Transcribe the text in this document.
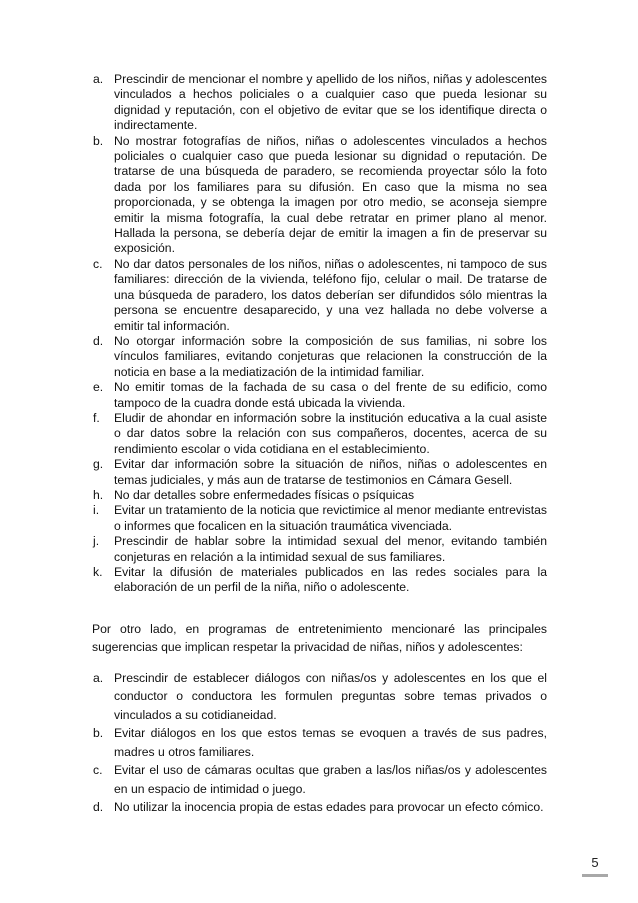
a. Prescindir de mencionar el nombre y apellido de los niños, niñas y adolescentes vinculados a hechos policiales o a cualquier caso que pueda lesionar su dignidad y reputación, con el objetivo de evitar que se los identifique directa o indirectamente.
b. No mostrar fotografías de niños, niñas o adolescentes vinculados a hechos policiales o cualquier caso que pueda lesionar su dignidad o reputación. De tratarse de una búsqueda de paradero, se recomienda proyectar sólo la foto dada por los familiares para su difusión. En caso que la misma no sea proporcionada, y se obtenga la imagen por otro medio, se aconseja siempre emitir la misma fotografía, la cual debe retratar en primer plano al menor. Hallada la persona, se debería dejar de emitir la imagen a fin de preservar su exposición.
c. No dar datos personales de los niños, niñas o adolescentes, ni tampoco de sus familiares: dirección de la vivienda, teléfono fijo, celular o mail. De tratarse de una búsqueda de paradero, los datos deberían ser difundidos sólo mientras la persona se encuentre desaparecido, y una vez hallada no debe volverse a emitir tal información.
d. No otorgar información sobre la composición de sus familias, ni sobre los vínculos familiares, evitando conjeturas que relacionen la construcción de la noticia en base a la mediatización de la intimidad familiar.
e. No emitir tomas de la fachada de su casa o del frente de su edificio, como tampoco de la cuadra donde está ubicada la vivienda.
f. Eludir de ahondar en información sobre la institución educativa a la cual asiste o dar datos sobre la relación con sus compañeros, docentes, acerca de su rendimiento escolar o vida cotidiana en el establecimiento.
g. Evitar dar información sobre la situación de niños, niñas o adolescentes en temas judiciales, y más aun de tratarse de testimonios en Cámara Gesell.
h. No dar detalles sobre enfermedades físicas o psíquicas
i. Evitar un tratamiento de la noticia que revictimice al menor mediante entrevistas o informes que focalicen en la situación traumática vivenciada.
j. Prescindir de hablar sobre la intimidad sexual del menor, evitando también conjeturas en relación a la intimidad sexual de sus familiares.
k. Evitar la difusión de materiales publicados en las redes sociales para la elaboración de un perfil de la niña, niño o adolescente.

Por otro lado, en programas de entretenimiento mencionaré las principales sugerencias que implican respetar la privacidad de niñas, niños y adolescentes:

a. Prescindir de establecer diálogos con niñas/os y adolescentes en los que el conductor o conductora les formulen preguntas sobre temas privados o vinculados a su cotidianeidad.
b. Evitar diálogos en los que estos temas se evoquen a través de sus padres, madres u otros familiares.
c. Evitar el uso de cámaras ocultas que graben a las/los niñas/os y adolescentes en un espacio de intimidad o juego.
d. No utilizar la inocencia propia de estas edades para provocar un efecto cómico.
5
